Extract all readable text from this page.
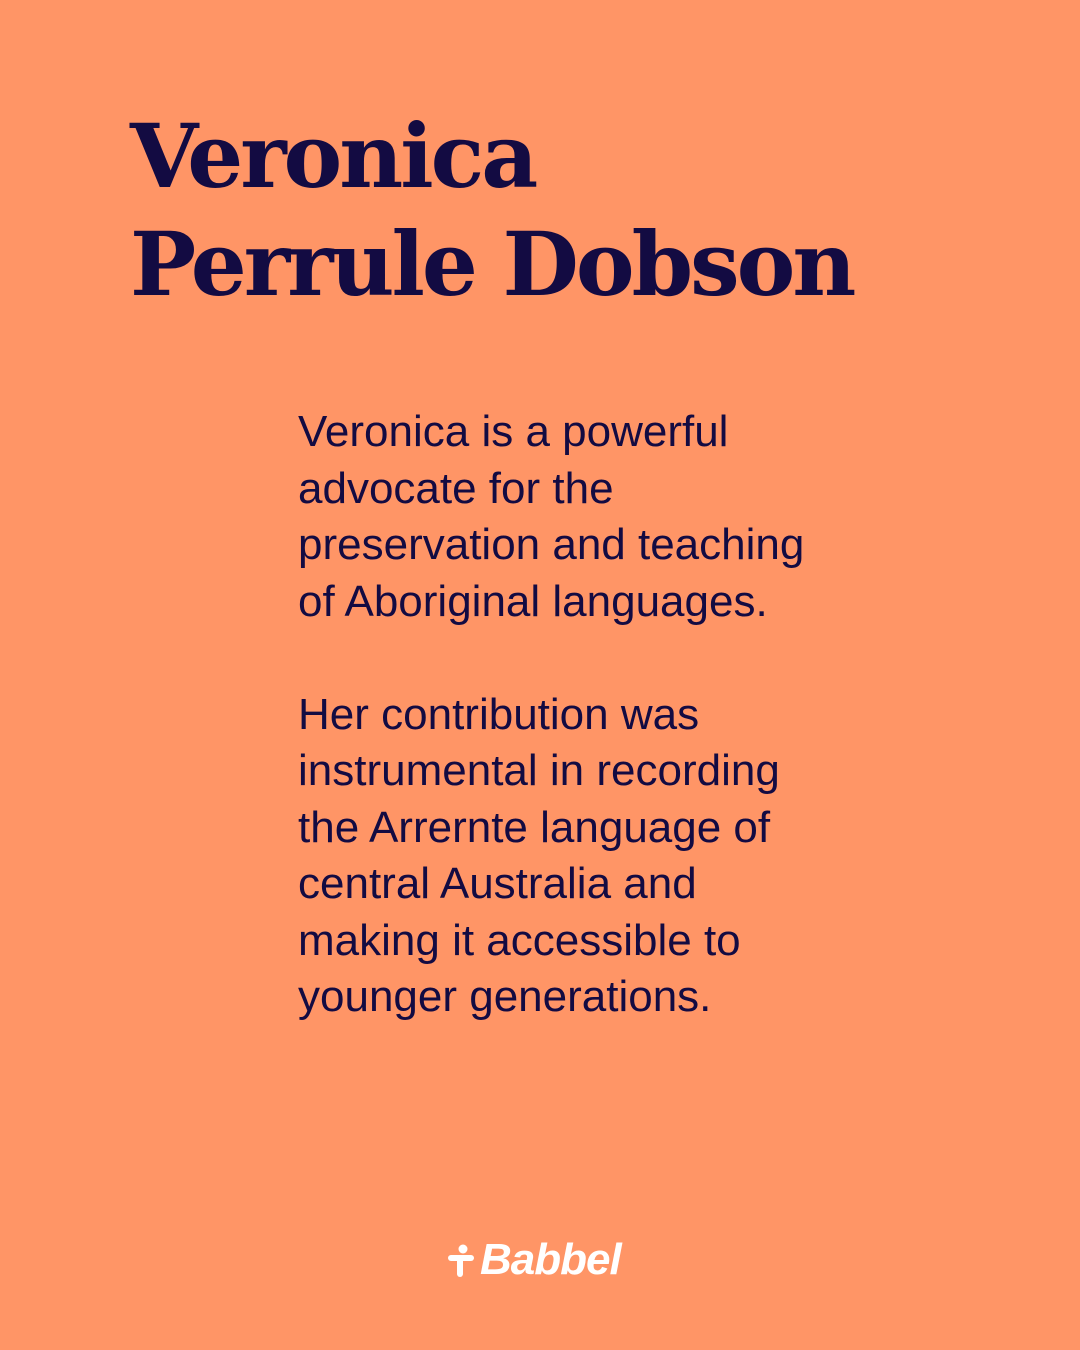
Veronica
Perrule Dobson

Veronica is a powerful
advocate for the
preservation and teaching
of Aboriginal languages.

Her contribution was
instrumental in recording
the Arrernte language of
central Australia and
making it accessible to
younger generations.

Babbel
